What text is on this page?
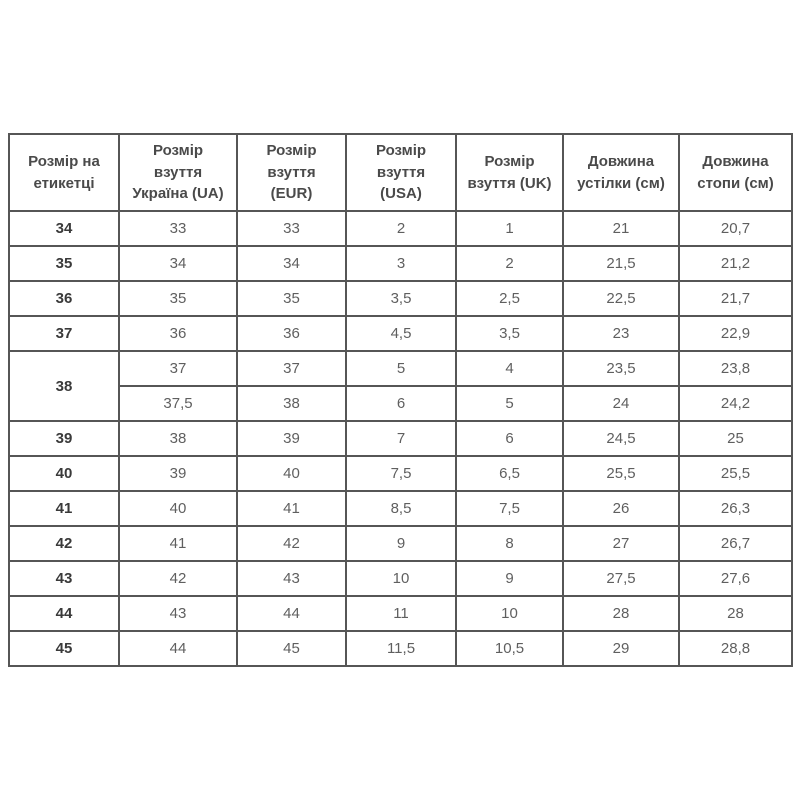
Розмір на етикетці	Розмір взуття Україна (UA)	Розмір взуття (EUR)	Розмір взуття (USA)	Розмір взуття (UK)	Довжина устілки (см)	Довжина стопи (см)
34	33	33	2	1	21	20,7
35	34	34	3	2	21,5	21,2
36	35	35	3,5	2,5	22,5	21,7
37	36	36	4,5	3,5	23	22,9
38	37	37	5	4	23,5	23,8
	37,5	38	6	5	24	24,2
39	38	39	7	6	24,5	25
40	39	40	7,5	6,5	25,5	25,5
41	40	41	8,5	7,5	26	26,3
42	41	42	9	8	27	26,7
43	42	43	10	9	27,5	27,6
44	43	44	11	10	28	28
45	44	45	11,5	10,5	29	28,8
